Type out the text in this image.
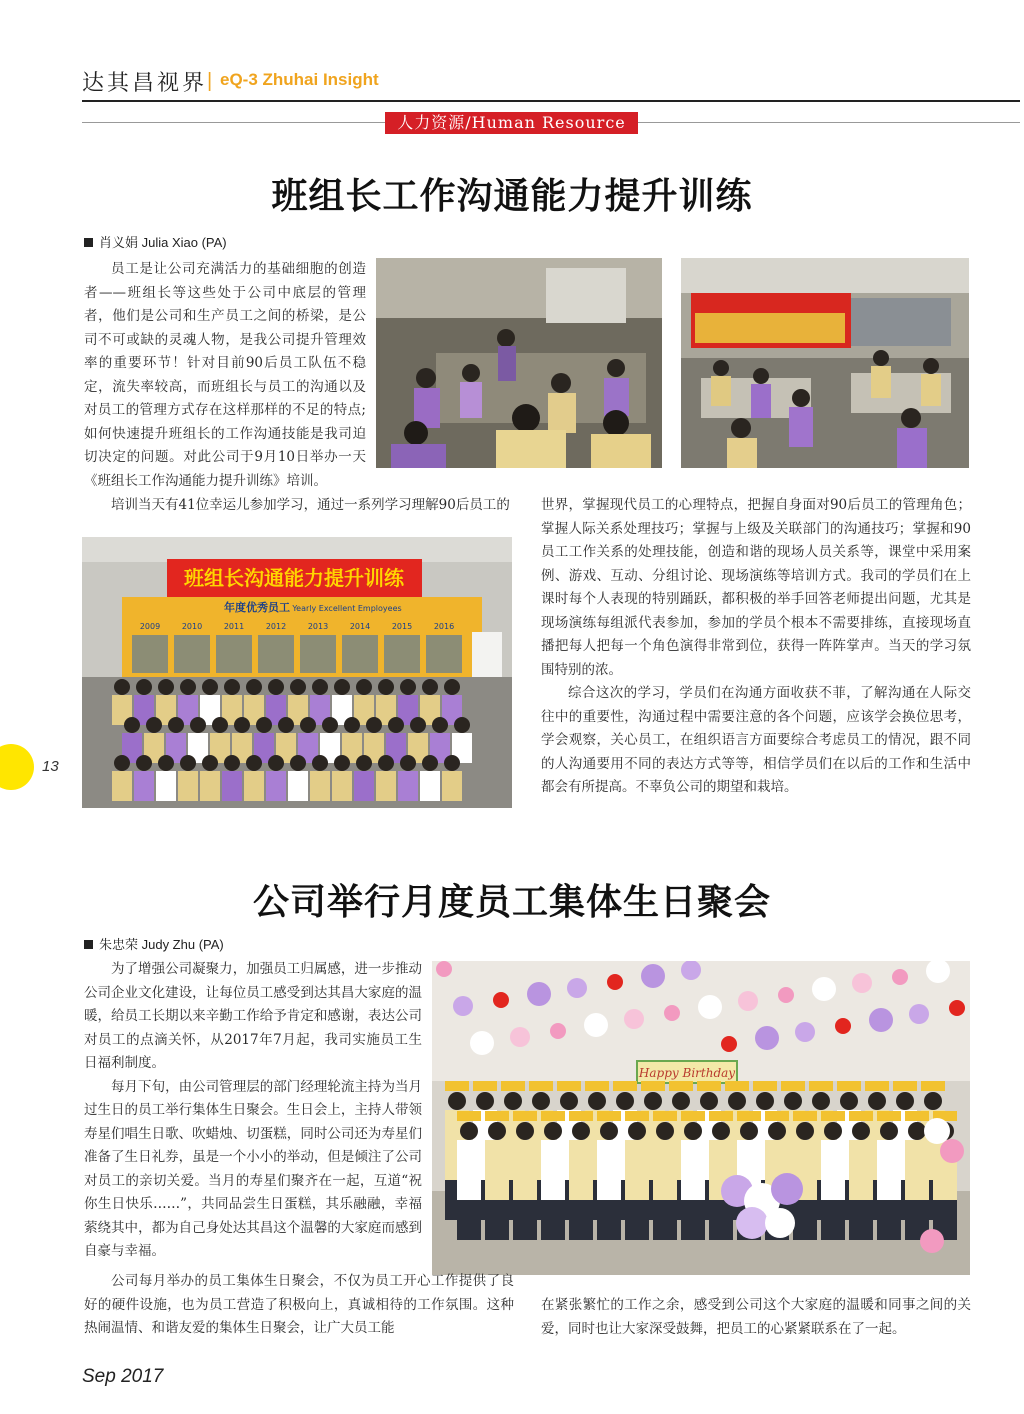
达其昌视界 | eQ-3 Zhuhai Insight
人力资源/Human Resource
班组长工作沟通能力提升训练
肖义娟 Julia Xiao (PA)

员工是让公司充满活力的基础细胞的创造者——班组长等这些处于公司中底层的管理者，他们是公司和生产员工之间的桥梁，是公司不可或缺的灵魂人物，是我公司提升管理效率的重要环节！针对目前90后员工队伍不稳定，流失率较高，而班组长与员工的沟通以及对员工的管理方式存在这样那样的不足的特点;如何快速提升班组长的工作沟通技能是我司迫切决定的问题。对此公司于9月10日举办一天《班组长工作沟通能力提升训练》培训。

培训当天有41位幸运儿参加学习，通过一系列学习理解90后员工的

班组长沟通能力提升训练
年度优秀员工 Yearly Excellent Employees
2009	2010	2011	2012	2013	2014	2015	2016

世界，掌握现代员工的心理特点，把握自身面对90后员工的管理角色；掌握人际关系处理技巧；掌握与上级及关联部门的沟通技巧；掌握和90员工工作关系的处理技能，创造和谐的现场人员关系等，课堂中采用案例、游戏、互动、分组讨论、现场演练等培训方式。我司的学员们在上课时每个人表现的特别踊跃，都积极的举手回答老师提出问题，尤其是现场演练每组派代表参加，参加的学员个根本不需要排练，直接现场直播把每人把每一个角色演得非常到位，获得一阵阵掌声。当天的学习氛围特别的浓。

综合这次的学习，学员们在沟通方面收获不菲，了解沟通在人际交往中的重要性，沟通过程中需要注意的各个问题，应该学会换位思考，学会观察，关心员工，在组织语言方面要综合考虑员工的情况，跟不同的人沟通要用不同的表达方式等等，相信学员们在以后的工作和生活中都会有所提高。不辜负公司的期望和栽培。

13
公司举行月度员工集体生日聚会
朱忠荣 Judy Zhu (PA)

为了增强公司凝聚力，加强员工归属感，进一步推动公司企业文化建设，让每位员工感受到达其昌大家庭的温暖，给员工长期以来辛勤工作给予肯定和感谢，表达公司对员工的点滴关怀，从2017年7月起，我司实施员工生日福利制度。

每月下旬，由公司管理层的部门经理轮流主持为当月过生日的员工举行集体生日聚会。生日会上，主持人带领寿星们唱生日歌、吹蜡烛、切蛋糕，同时公司还为寿星们准备了生日礼券，虽是一个小小的举动，但是倾注了公司对员工的亲切关爱。当月的寿星们聚齐在一起，互道“祝你生日快乐……”，共同品尝生日蛋糕，其乐融融，幸福萦绕其中，都为自己身处达其昌这个温馨的大家庭而感到自豪与幸福。

Happy Birthday

公司每月举办的员工集体生日聚会，不仅为员工开心工作提供了良好的硬件设施，也为员工营造了积极向上，真诚相待的工作氛围。这种热闹温情、和谐友爱的集体生日聚会，让广大员工能

在紧张繁忙的工作之余，感受到公司这个大家庭的温暖和同事之间的关爱，同时也让大家深受鼓舞，把员工的心紧紧联系在了一起。

Sep 2017
